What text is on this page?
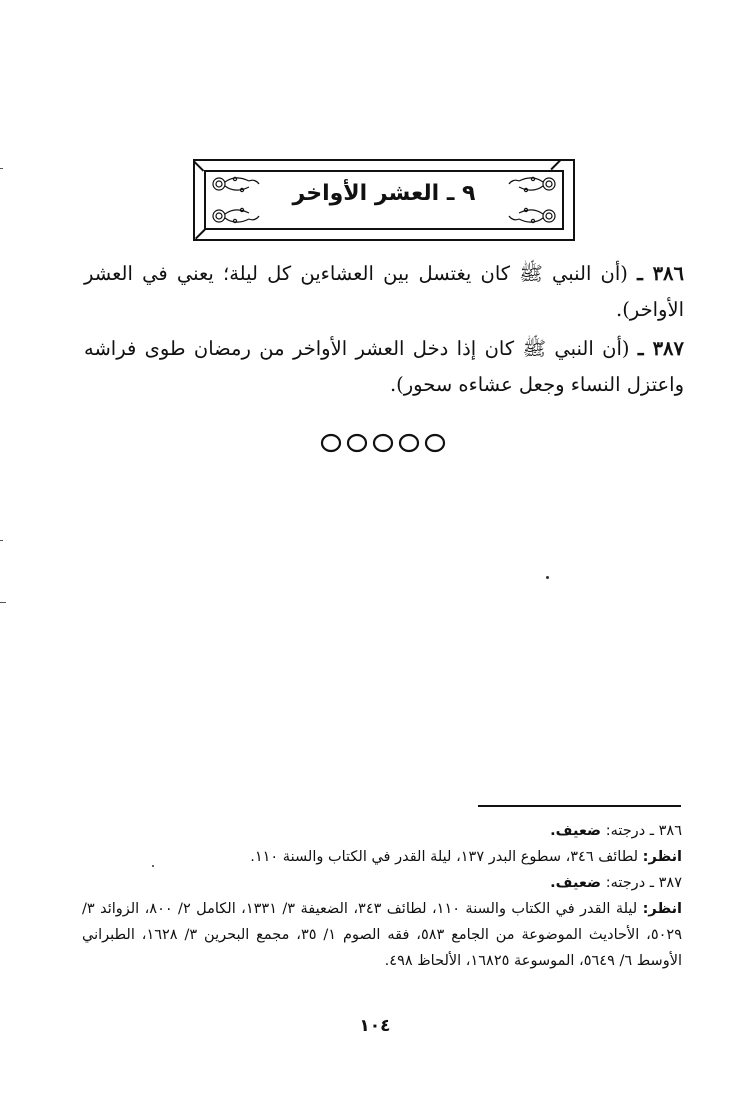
٩ ـ العشر الأواخر

٣٨٦ ـ (أن النبي ﷺ كان يغتسل بين العشاءين كل ليلة؛ يعني في العشر الأواخر).

٣٨٧ ـ (أن النبي ﷺ كان إذا دخل العشر الأواخر من رمضان طوى فراشه واعتزل النساء وجعل عشاءه سحور).

٣٨٦ ـ درجته: ضعيف.

انظر: لطائف ٣٤٦، سطوع البدر ١٣٧، ليلة القدر في الكتاب والسنة ١١٠.

٣٨٧ ـ درجته: ضعيف.

انظر: ليلة القدر في الكتاب والسنة ١١٠، لطائف ٣٤٣، الضعيفة ٣/ ١٣٣١، الكامل ٢/ ٨٠٠، الزوائد ٣/ ٥٠٢٩، الأحاديث الموضوعة من الجامع ٥٨٣، فقه الصوم ١/ ٣٥، مجمع البحرين ٣/ ١٦٢٨، الطبراني الأوسط ٦/ ٥٦٤٩، الموسوعة ١٦٨٢٥، الألحاظ ٤٩٨.

١٠٤
